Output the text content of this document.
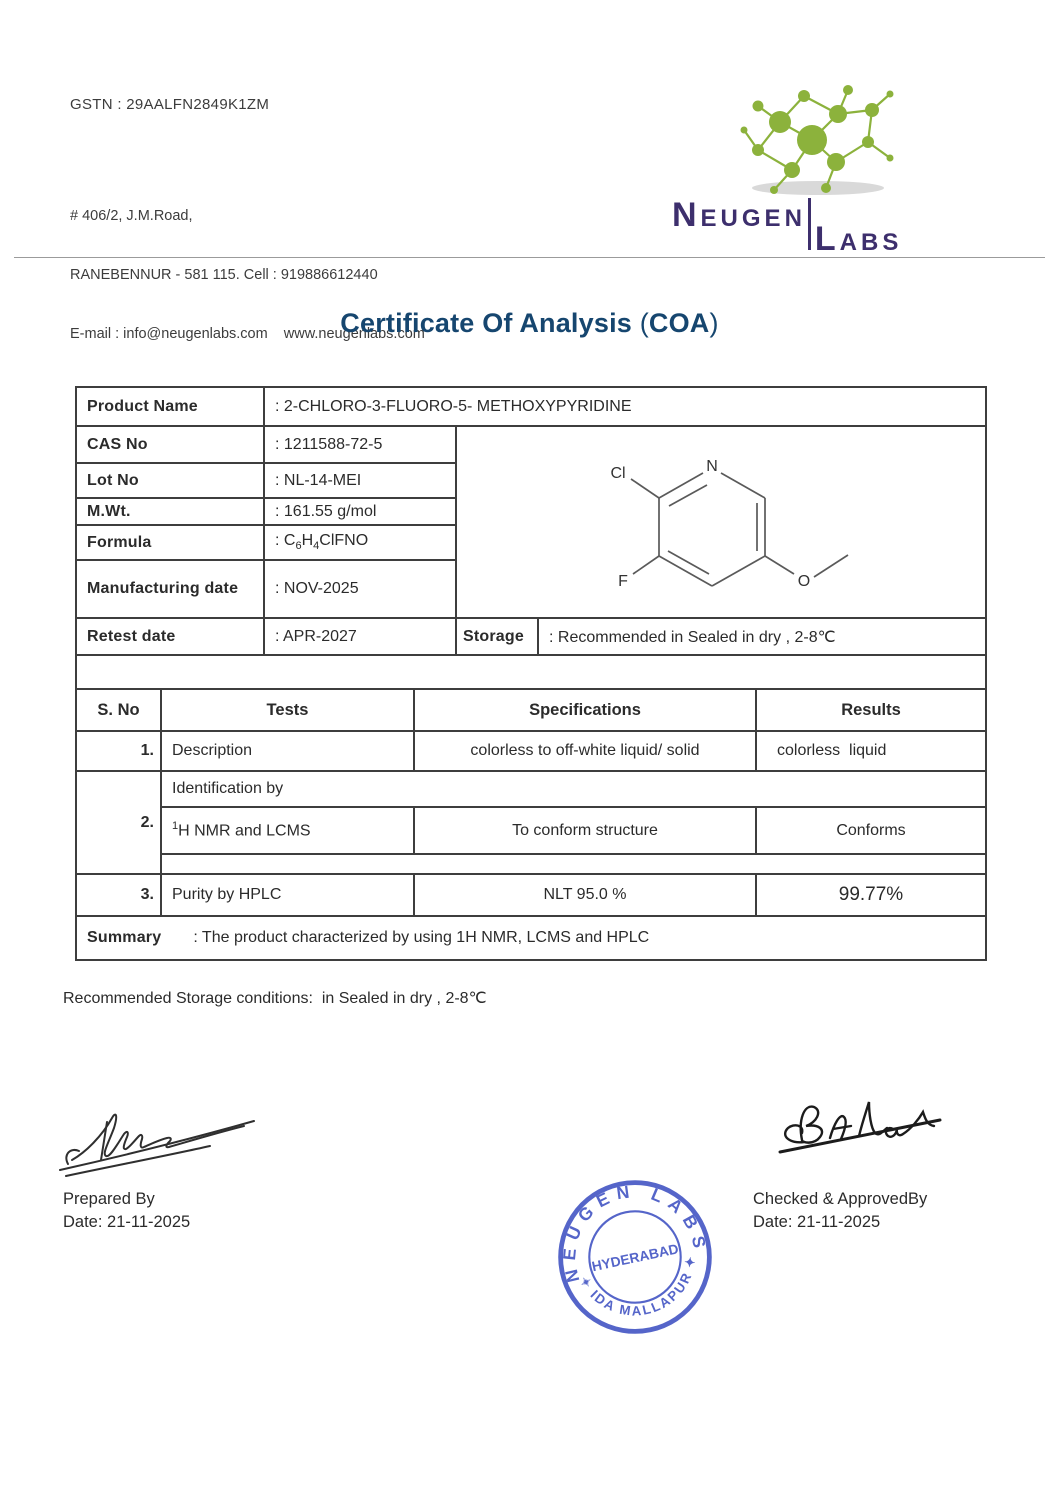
GSTN : 29AALFN2849K1ZM

# 406/2, J.M.Road,

RANEBENNUR - 581 115. Cell : 919886612440

E-mail : info@neugenlabs.com    www.neugenlabs.com

Neugen
Labs
Certificate Of Analysis (COA)
Product Name	: 2-CHLORO-3-FLUORO-5- METHOXYPYRIDINE		
CAS No	: 1211588-72-5	N
Cl
F O	

Lot No	: NL-14-MEI		
M.Wt.	: 161.55 g/mol		
Formula	: $C_6H_4ClFNO$		
Manufacturing date	: NOV-2025		
Retest date	: APR-2027	Storage	: Recommended in Sealed in dry , 2-8℃

S. No	Tests	Specifications	Results
1.	Description	colorless to off-white liquid/ solid	colorless  liquid
2.	Identification by		
	$^1$H NMR and LCMS	To conform structure	Conforms

3.	Purity by HPLC	NLT 95.0 %	99.77%
Summary : The product characterized by using 1H NMR, LCMS and HPLC			
Recommended Storage conditions:  in Sealed in dry , 2-8℃
Prepared By
Date: 21-11-2025
NEUGEN LABS
✦ IDA MALLAPUR ✦
HYDERABAD
Checked & ApprovedBy
Date: 21-11-2025
